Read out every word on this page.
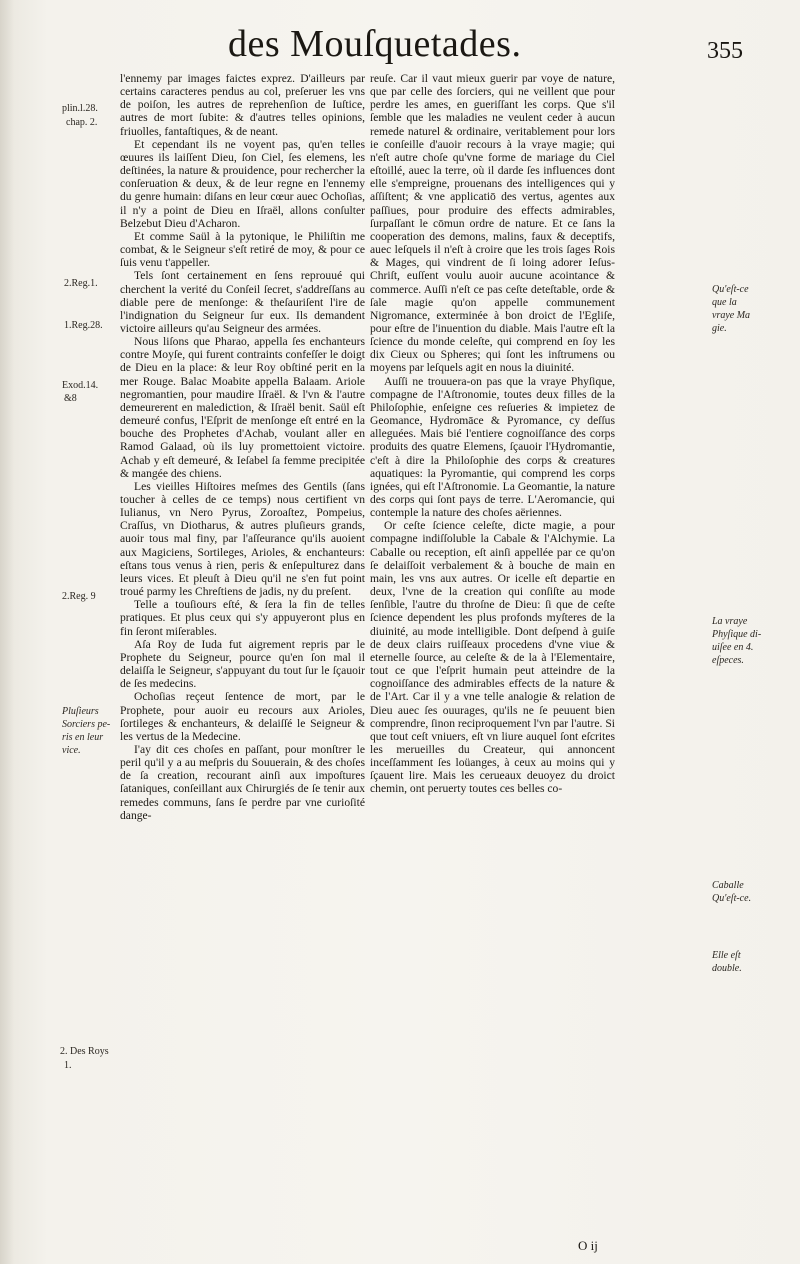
des Mouſquetades.	355
plin.l.28.
chap. 2.
2.Reg.1.
1.Reg.28.
Exod.14.
&8
2.Reg. 9
Pluſieurs
Sorciers pe-
ris en leur
vice.
2. Des Roys
1.

l'ennemy par images faictes exprez. D'ailleurs par certains caracteres pendus au col, preſeruer les vns de poiſon, les autres de reprehenſion de Iuſtice, autres de mort ſubite: & d'autres telles opinions, friuolles, fantaſtiques, & de neant.

Et cependant ils ne voyent pas, qu'en telles œuures ils laiſſent Dieu, ſon Ciel, ſes elemens, les deſtinées, la nature & prouidence, pour rechercher la conſeruation & deux, & de leur regne en l'ennemy du genre humain: diſans en leur cœur auec Ochoſias, il n'y a point de Dieu en Iſraël, allons conſulter Belzebut Dieu d'Acharon.

Et comme Saül à la pytonique, le Philiſtin me combat, & le Seigneur s'eſt retiré de moy, & pour ce ſuis venu t'appeller.

Tels ſont certainement en ſens reprouué qui cherchent la verité du Conſeil ſecret, s'addreſſans au diable pere de menſonge: & theſauriſent l'ire de l'indignation du Seigneur ſur eux. Ils demandent victoire ailleurs qu'au Seigneur des armées.

Nous liſons que Pharao, appella ſes enchanteurs contre Moyſe, qui furent contraints confeſſer le doigt de Dieu en la place: & leur Roy obſtiné perit en la mer Rouge. Balac Moabite appella Balaam. Ariole negromantien, pour maudire Iſraël. & l'vn & l'autre demeurerent en malediction, & Iſraël benit. Saül eſt demeuré confus, l'Eſprit de menſonge eſt entré en la bouche des Prophetes d'Achab, voulant aller en Ramod Galaad, où ils luy promettoient victoire. Achab y eſt demeuré, & Ieſabel ſa femme precipitée & mangée des chiens.

Les vieilles Hiſtoires meſmes des Gentils (ſans toucher à celles de ce temps) nous certifient vn Iulianus, vn Nero Pyrus, Zoroaſtez, Pompeius, Craſſus, vn Diotharus, & autres pluſieurs grands, auoir tous mal finy, par l'aſſeurance qu'ils auoient aux Magiciens, Sortileges, Arioles, & enchanteurs: eſtans tous venus à rien, peris & enſepulturez dans leurs vices. Et pleuſt à Dieu qu'il ne s'en fut point troué parmy les Chreſtiens de jadis, ny du preſent.

Telle a touſiours eſté, & ſera la fin de telles pratiques. Et plus ceux qui s'y appuyeront plus en fin ſeront miſerables.

Aſa Roy de Iuda fut aigrement repris par le Prophete du Seigneur, pource qu'en ſon mal il delaiſſa le Seigneur, s'appuyant du tout ſur le ſçauoir de ſes medecins.

Ochoſias reçeut ſentence de mort, par le Prophete, pour auoir eu recours aux Arioles, ſortileges & enchanteurs, & delaiſſé le Seigneur & les vertus de la Medecine.

I'ay dit ces choſes en paſſant, pour monſtrer le peril qu'il y a au meſpris du Souuerain, & des choſes de ſa creation, recourant ainſi aux impoſtures ſataniques, conſeillant aux Chirurgiés de ſe tenir aux remedes communs, ſans ſe perdre par vne curioſité dange-

reuſe. Car il vaut mieux guerir par voye de nature, que par celle des ſorciers, qui ne veillent que pour perdre les ames, en gueriſſant les corps. Que s'il ſemble que les maladies ne veulent ceder à aucun remede naturel & ordinaire, veritablement pour lors ie conſeille d'auoir recours à la vraye magie; qui n'eſt autre choſe qu'vne forme de mariage du Ciel eſtoillé, auec la terre, où il darde ſes influences dont elle s'empreigne, prouenans des intelligences qui y aſſiſtent; & vne applicatiō des vertus, agentes aux paſſiues, pour produire des effects admirables, ſurpaſſant le cōmun ordre de nature. Et ce ſans la cooperation des demons, malins, faux & deceptifs, auec leſquels il n'eſt à croire que les trois ſages Rois & Mages, qui vindrent de ſi loing adorer Ieſus-Chriſt, euſſent voulu auoir aucune acointance & commerce. Auſſi n'eſt ce pas ceſte deteſtable, orde & ſale magie qu'on appelle communement Nigromance, exterminée à bon droict de l'Egliſe, pour eſtre de l'inuention du diable. Mais l'autre eſt la ſcience du monde celeſte, qui comprend en ſoy les dix Cieux ou Spheres; qui ſont les inſtrumens ou moyens par leſquels agit en nous la diuinité.

Auſſi ne trouuera-on pas que la vraye Phyſique, compagne de l'Aſtronomie, toutes deux filles de la Philoſophie, enſeigne ces reſueries & impietez de Geomance, Hydromāce & Pyromance, cy deſſus alleguées. Mais bié l'entiere cognoiſſance des corps produits des quatre Elemens, ſçauoir l'Hydromantie, c'eſt à dire la Philoſophie des corps & creatures aquatiques: la Pyromantie, qui comprend les corps ignées, qui eſt l'Aſtronomie. La Geomantie, la nature des corps qui ſont pays de terre. L'Aeromancie, qui contemple la nature des choſes aëriennes.

Or ceſte ſcience celeſte, dicte magie, a pour compagne indiſſoluble la Cabale & l'Alchymie. La Caballe ou reception, eſt ainſi appellée par ce qu'on ſe delaiſſoit verbalement & à bouche de main en main, les vns aux autres. Or icelle eſt departie en deux, l'vne de la creation qui conſiſte au mode ſenſible, l'autre du throſne de Dieu: ſi que de ceſte ſcience dependent les plus profonds myſteres de la diuinité, au mode intelligible. Dont deſpend à guiſe de deux clairs ruiſſeaux procedens d'vne viue & eternelle ſource, au celeſte & de la à l'Elementaire, tout ce que l'eſprit humain peut atteindre de la cognoiſſance des admirables effects de la nature & de l'Art. Car il y a vne telle analogie & relation de Dieu auec ſes ouurages, qu'ils ne ſe peuuent bien comprendre, ſinon reciproquement l'vn par l'autre. Si que tout ceſt vniuers, eſt vn liure auquel ſont eſcrites les merueilles du Createur, qui annoncent inceſſamment ſes loüanges, à ceux au moins qui y ſçauent lire. Mais les cerueaux deuoyez du droict chemin, ont peruerty toutes ces belles co-

Qu'eſt-ce
que la
vraye Ma
gie.
La vraye
Phyſique di-
uiſee en 4.
eſpeces.
Caballe
Qu'eſt-ce.
Elle eſt
double.
O ij
